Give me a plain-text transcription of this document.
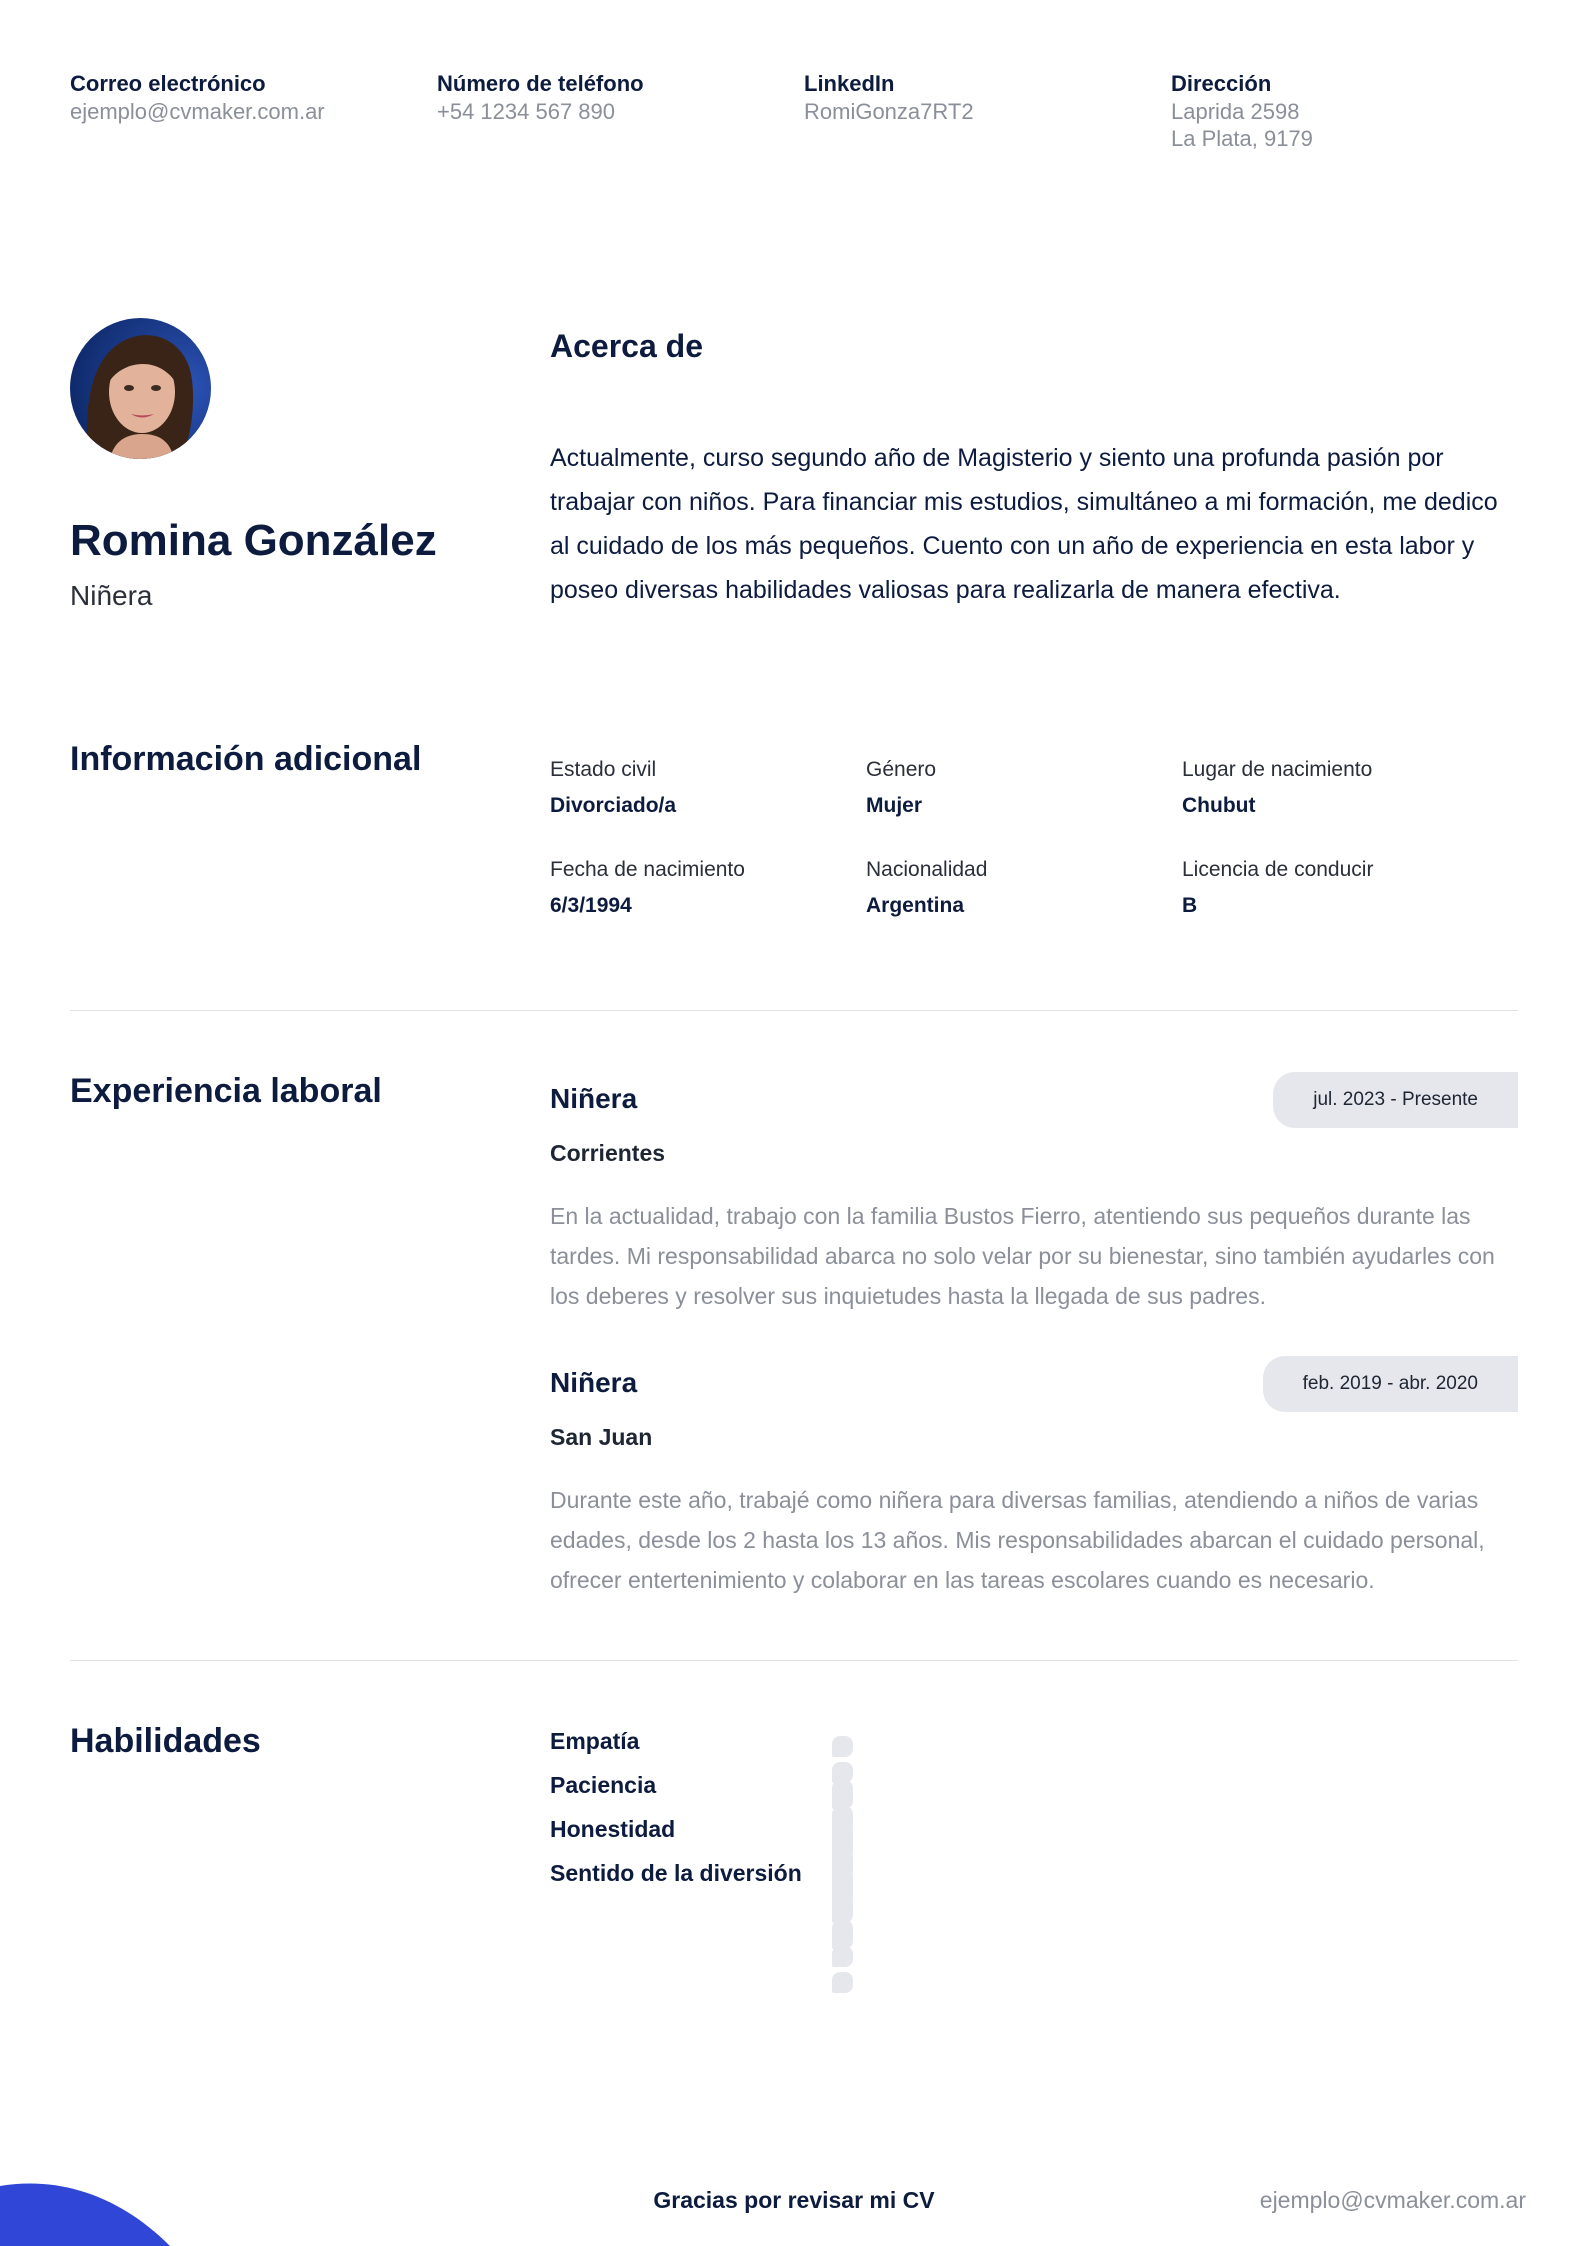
Correo electrónico
ejemplo@cvmaker.com.ar
Número de teléfono
+54 1234 567 890
LinkedIn
RomiGonza7RT2
Dirección
Laprida 2598
La Plata, 9179
Romina González
Niñera
Acerca de
Actualmente, curso segundo año de Magisterio y siento una profunda pasión por trabajar con niños. Para financiar mis estudios, simultáneo a mi formación, me dedico al cuidado de los más pequeños. Cuento con un año de experiencia en esta labor y poseo diversas habilidades valiosas para realizarla de manera efectiva.
Información adicional	Estado civil
Divorciado/a
Género
Mujer
Lugar de nacimiento
Chubut
Fecha de nacimiento
6/3/1994
Nacionalidad
Argentina
Licencia de conducir
B
Experiencia laboral	Niñera	jul. 2023 - Presente
Corrientes
En la actualidad, trabajo con la familia Bustos Fierro, atentiendo sus pequeños durante las tardes. Mi responsabilidad abarca no solo velar por su bienestar, sino también ayudarles con los deberes y resolver sus inquietudes hasta la llegada de sus padres.
Niñera	feb. 2019 - abr. 2020
San Juan
Durante este año, trabajé como niñera para diversas familias, atendiendo a niños de varias edades, desde los 2 hasta los 13 años. Mis responsabilidades abarcan el cuidado personal, ofrecer entertenimiento y colaborar en las tareas escolares cuando es necesario.
Habilidades	Empatía
Paciencia
Honestidad
Sentido de la diversión
Gracias por revisar mi CV	ejemplo@cvmaker.com.ar
